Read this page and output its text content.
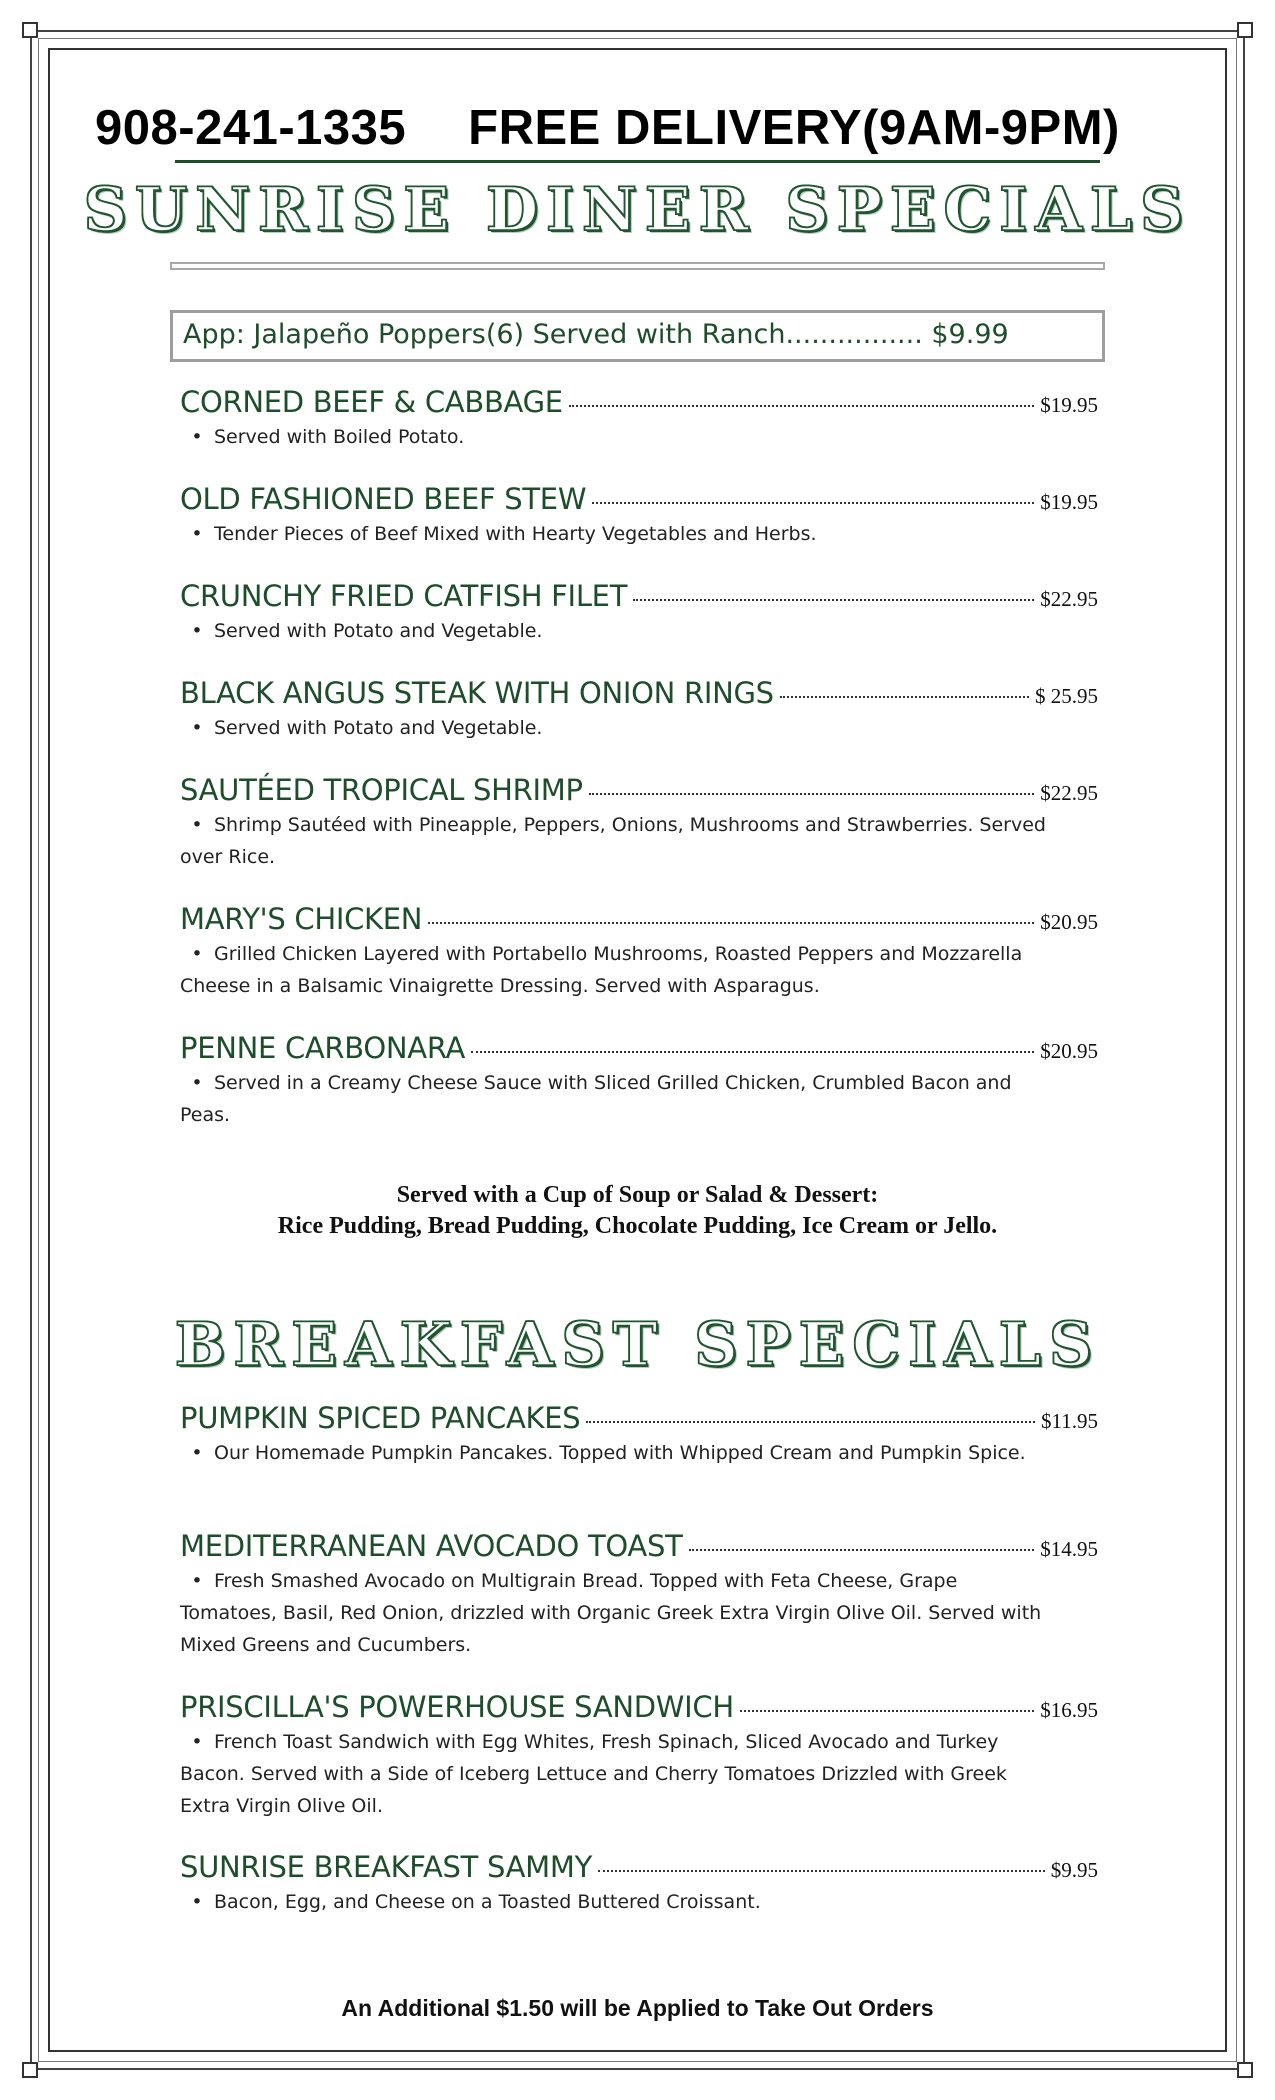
908-241-1335 FREE DELIVERY(9AM-9PM)
SUNRISE DINER SPECIALS
App: Jalapeño Poppers(6) Served with Ranch................ $9.99
CORNED BEEF & CABBAGE	$19.95
• Served with Boiled Potato.
OLD FASHIONED BEEF STEW	$19.95
• Tender Pieces of Beef Mixed with Hearty Vegetables and Herbs.
CRUNCHY FRIED CATFISH FILET	$22.95
• Served with Potato and Vegetable.
BLACK ANGUS STEAK WITH ONION RINGS	$ 25.95
• Served with Potato and Vegetable.
SAUTÉED TROPICAL SHRIMP	$22.95
• Shrimp Sautéed with Pineapple, Peppers, Onions, Mushrooms and Strawberries. Served over Rice.
MARY'S CHICKEN	$20.95
• Grilled Chicken Layered with Portabello Mushrooms, Roasted Peppers and Mozzarella Cheese in a Balsamic Vinaigrette Dressing. Served with Asparagus.
PENNE CARBONARA	$20.95
• Served in a Creamy Cheese Sauce with Sliced Grilled Chicken, Crumbled Bacon and Peas.
Served with a Cup of Soup or Salad & Dessert:
Rice Pudding, Bread Pudding, Chocolate Pudding, Ice Cream or Jello.
BREAKFAST SPECIALS
PUMPKIN SPICED PANCAKES	$11.95
• Our Homemade Pumpkin Pancakes. Topped with Whipped Cream and Pumpkin Spice.
MEDITERRANEAN AVOCADO TOAST	$14.95
• Fresh Smashed Avocado on Multigrain Bread. Topped with Feta Cheese, Grape Tomatoes, Basil, Red Onion, drizzled with Organic Greek Extra Virgin Olive Oil. Served with Mixed Greens and Cucumbers.
PRISCILLA'S POWERHOUSE SANDWICH	$16.95
• French Toast Sandwich with Egg Whites, Fresh Spinach, Sliced Avocado and Turkey Bacon. Served with a Side of Iceberg Lettuce and Cherry Tomatoes Drizzled with Greek Extra Virgin Olive Oil.
SUNRISE BREAKFAST SAMMY	$9.95
• Bacon, Egg, and Cheese on a Toasted Buttered Croissant.
An Additional $1.50 will be Applied to Take Out Orders
